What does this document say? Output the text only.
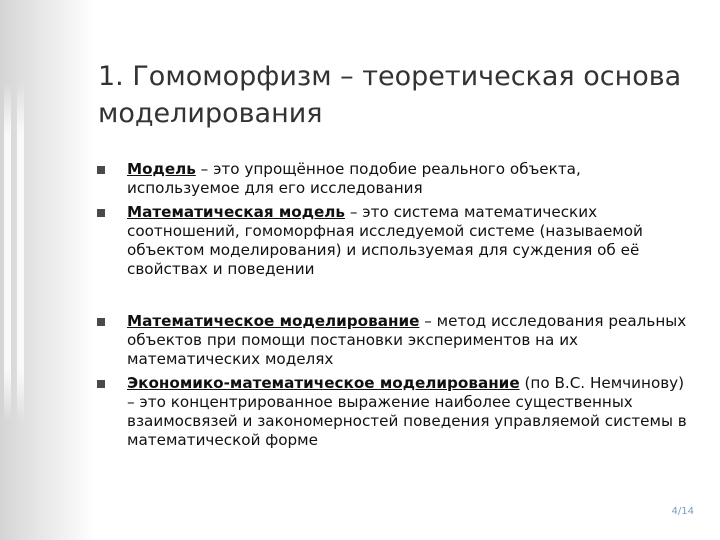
1. Гомоморфизм – теоретическая основа моделирования
Модель – это упрощённое подобие реального объекта, используемое для его исследования
Математическая модель – это система математических соотношений, гомоморфная исследуемой системе (называемой объектом моделирования) и используемая для суждения об её свойствах и поведении
Математическое моделирование – метод исследования реальных объектов при помощи постановки экспериментов на их математических моделях
Экономико-математическое моделирование (по В.С. Немчинову) – это концентрированное выражение наиболее существенных взаимосвязей и закономерностей поведения управляемой системы в математической форме
4/14
